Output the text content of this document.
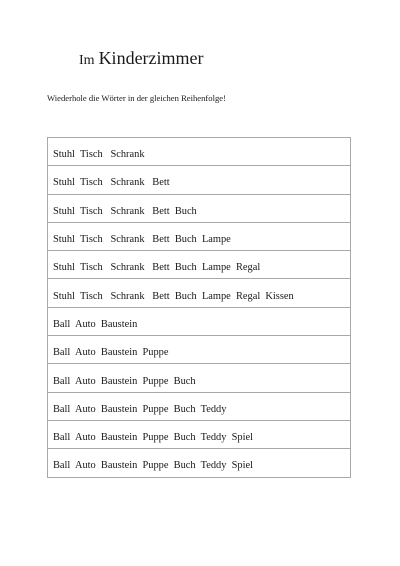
Im Kinderzimmer
Wiederhole die Wörter in der gleichen Reihenfolge!
Stuhl  Tisch   Schrank
Stuhl  Tisch   Schrank   Bett
Stuhl  Tisch   Schrank   Bett  Buch
Stuhl  Tisch   Schrank   Bett  Buch  Lampe
Stuhl  Tisch   Schrank   Bett  Buch  Lampe  Regal
Stuhl  Tisch   Schrank   Bett  Buch  Lampe  Regal  Kissen
Ball  Auto  Baustein
Ball  Auto  Baustein  Puppe
Ball  Auto  Baustein  Puppe  Buch
Ball  Auto  Baustein  Puppe  Buch  Teddy
Ball  Auto  Baustein  Puppe  Buch  Teddy  Spiel
Ball  Auto  Baustein  Puppe  Buch  Teddy  Spiel
